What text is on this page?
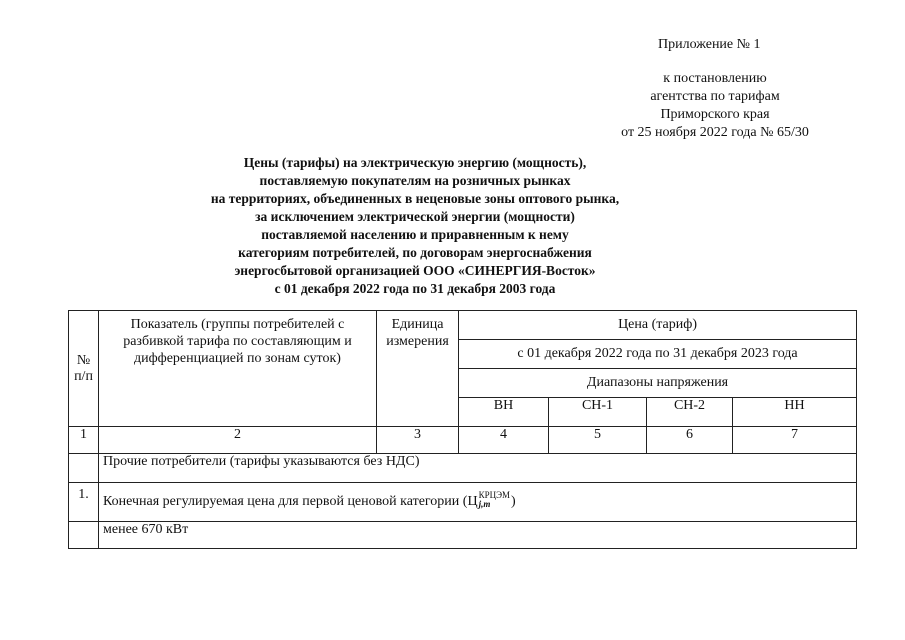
Приложение № 1
к постановлению
агентства по тарифам
Приморского края
от 25 ноября 2022 года № 65/30
Цены (тарифы) на электрическую энергию (мощность),
поставляемую покупателям на розничных рынках
на территориях, объединенных в неценовые зоны оптового рынка,
за исключением электрической энергии (мощности)
поставляемой населению и приравненным к нему
категориям потребителей, по договорам энергоснабжения
энергосбытовой организацией ООО «СИНЕРГИЯ-Восток»
с 01 декабря 2022 года по 31 декабря 2003 года
№ п/п	Показатель (группы потребителей с разбивкой тарифа по составляющим и дифференциацией по зонам суток)	Единица измерения	Цена (тариф)			
			с 01 декабря 2022 года по 31 декабря 2023 года			
			Диапазоны напряжения			
			ВН	СН-1	СН-2	НН
1	2	3	4	5	6	7
	Прочие потребители (тарифы указываются без НДС)					
1.	Конечная регулируемая цена для первой ценовой категории (Ц КРЦЭМ
j,m )					
	менее 670 кВт					
